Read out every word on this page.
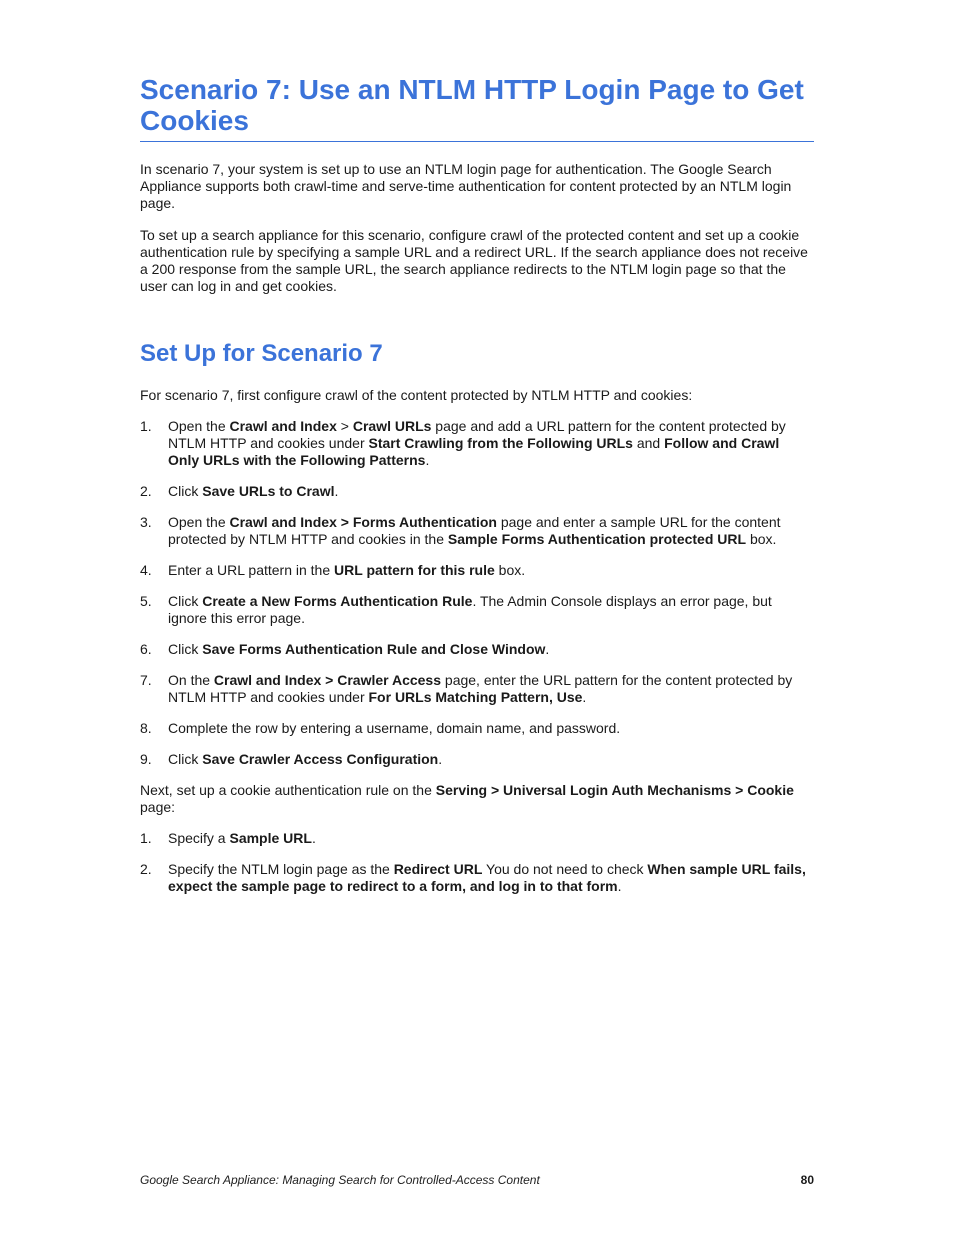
Scenario 7: Use an NTLM HTTP Login Page to Get Cookies

In scenario 7, your system is set up to use an NTLM login page for authentication. The Google Search Appliance supports both crawl-time and serve-time authentication for content protected by an NTLM login page.

To set up a search appliance for this scenario, configure crawl of the protected content and set up a cookie authentication rule by specifying a sample URL and a redirect URL. If the search appliance does not receive a 200 response from the sample URL, the search appliance redirects to the NTLM login page so that the user can log in and get cookies.

Set Up for Scenario 7

For scenario 7, first configure crawl of the content protected by NTLM HTTP and cookies:

1. Open the Crawl and Index > Crawl URLs page and add a URL pattern for the content protected by NTLM HTTP and cookies under Start Crawling from the Following URLs and Follow and Crawl Only URLs with the Following Patterns.
2. Click Save URLs to Crawl.
3. Open the Crawl and Index > Forms Authentication page and enter a sample URL for the content protected by NTLM HTTP and cookies in the Sample Forms Authentication protected URL box.
4. Enter a URL pattern in the URL pattern for this rule box.
5. Click Create a New Forms Authentication Rule. The Admin Console displays an error page, but ignore this error page.
6. Click Save Forms Authentication Rule and Close Window.
7. On the Crawl and Index > Crawler Access page, enter the URL pattern for the content protected by NTLM HTTP and cookies under For URLs Matching Pattern, Use.
8. Complete the row by entering a username, domain name, and password.
9. Click Save Crawler Access Configuration.

Next, set up a cookie authentication rule on the Serving > Universal Login Auth Mechanisms > Cookie page:

1. Specify a Sample URL.
2. Specify the NTLM login page as the Redirect URL You do not need to check When sample URL fails, expect the sample page to redirect to a form, and log in to that form.
Google Search Appliance: Managing Search for Controlled-Access Content	80
